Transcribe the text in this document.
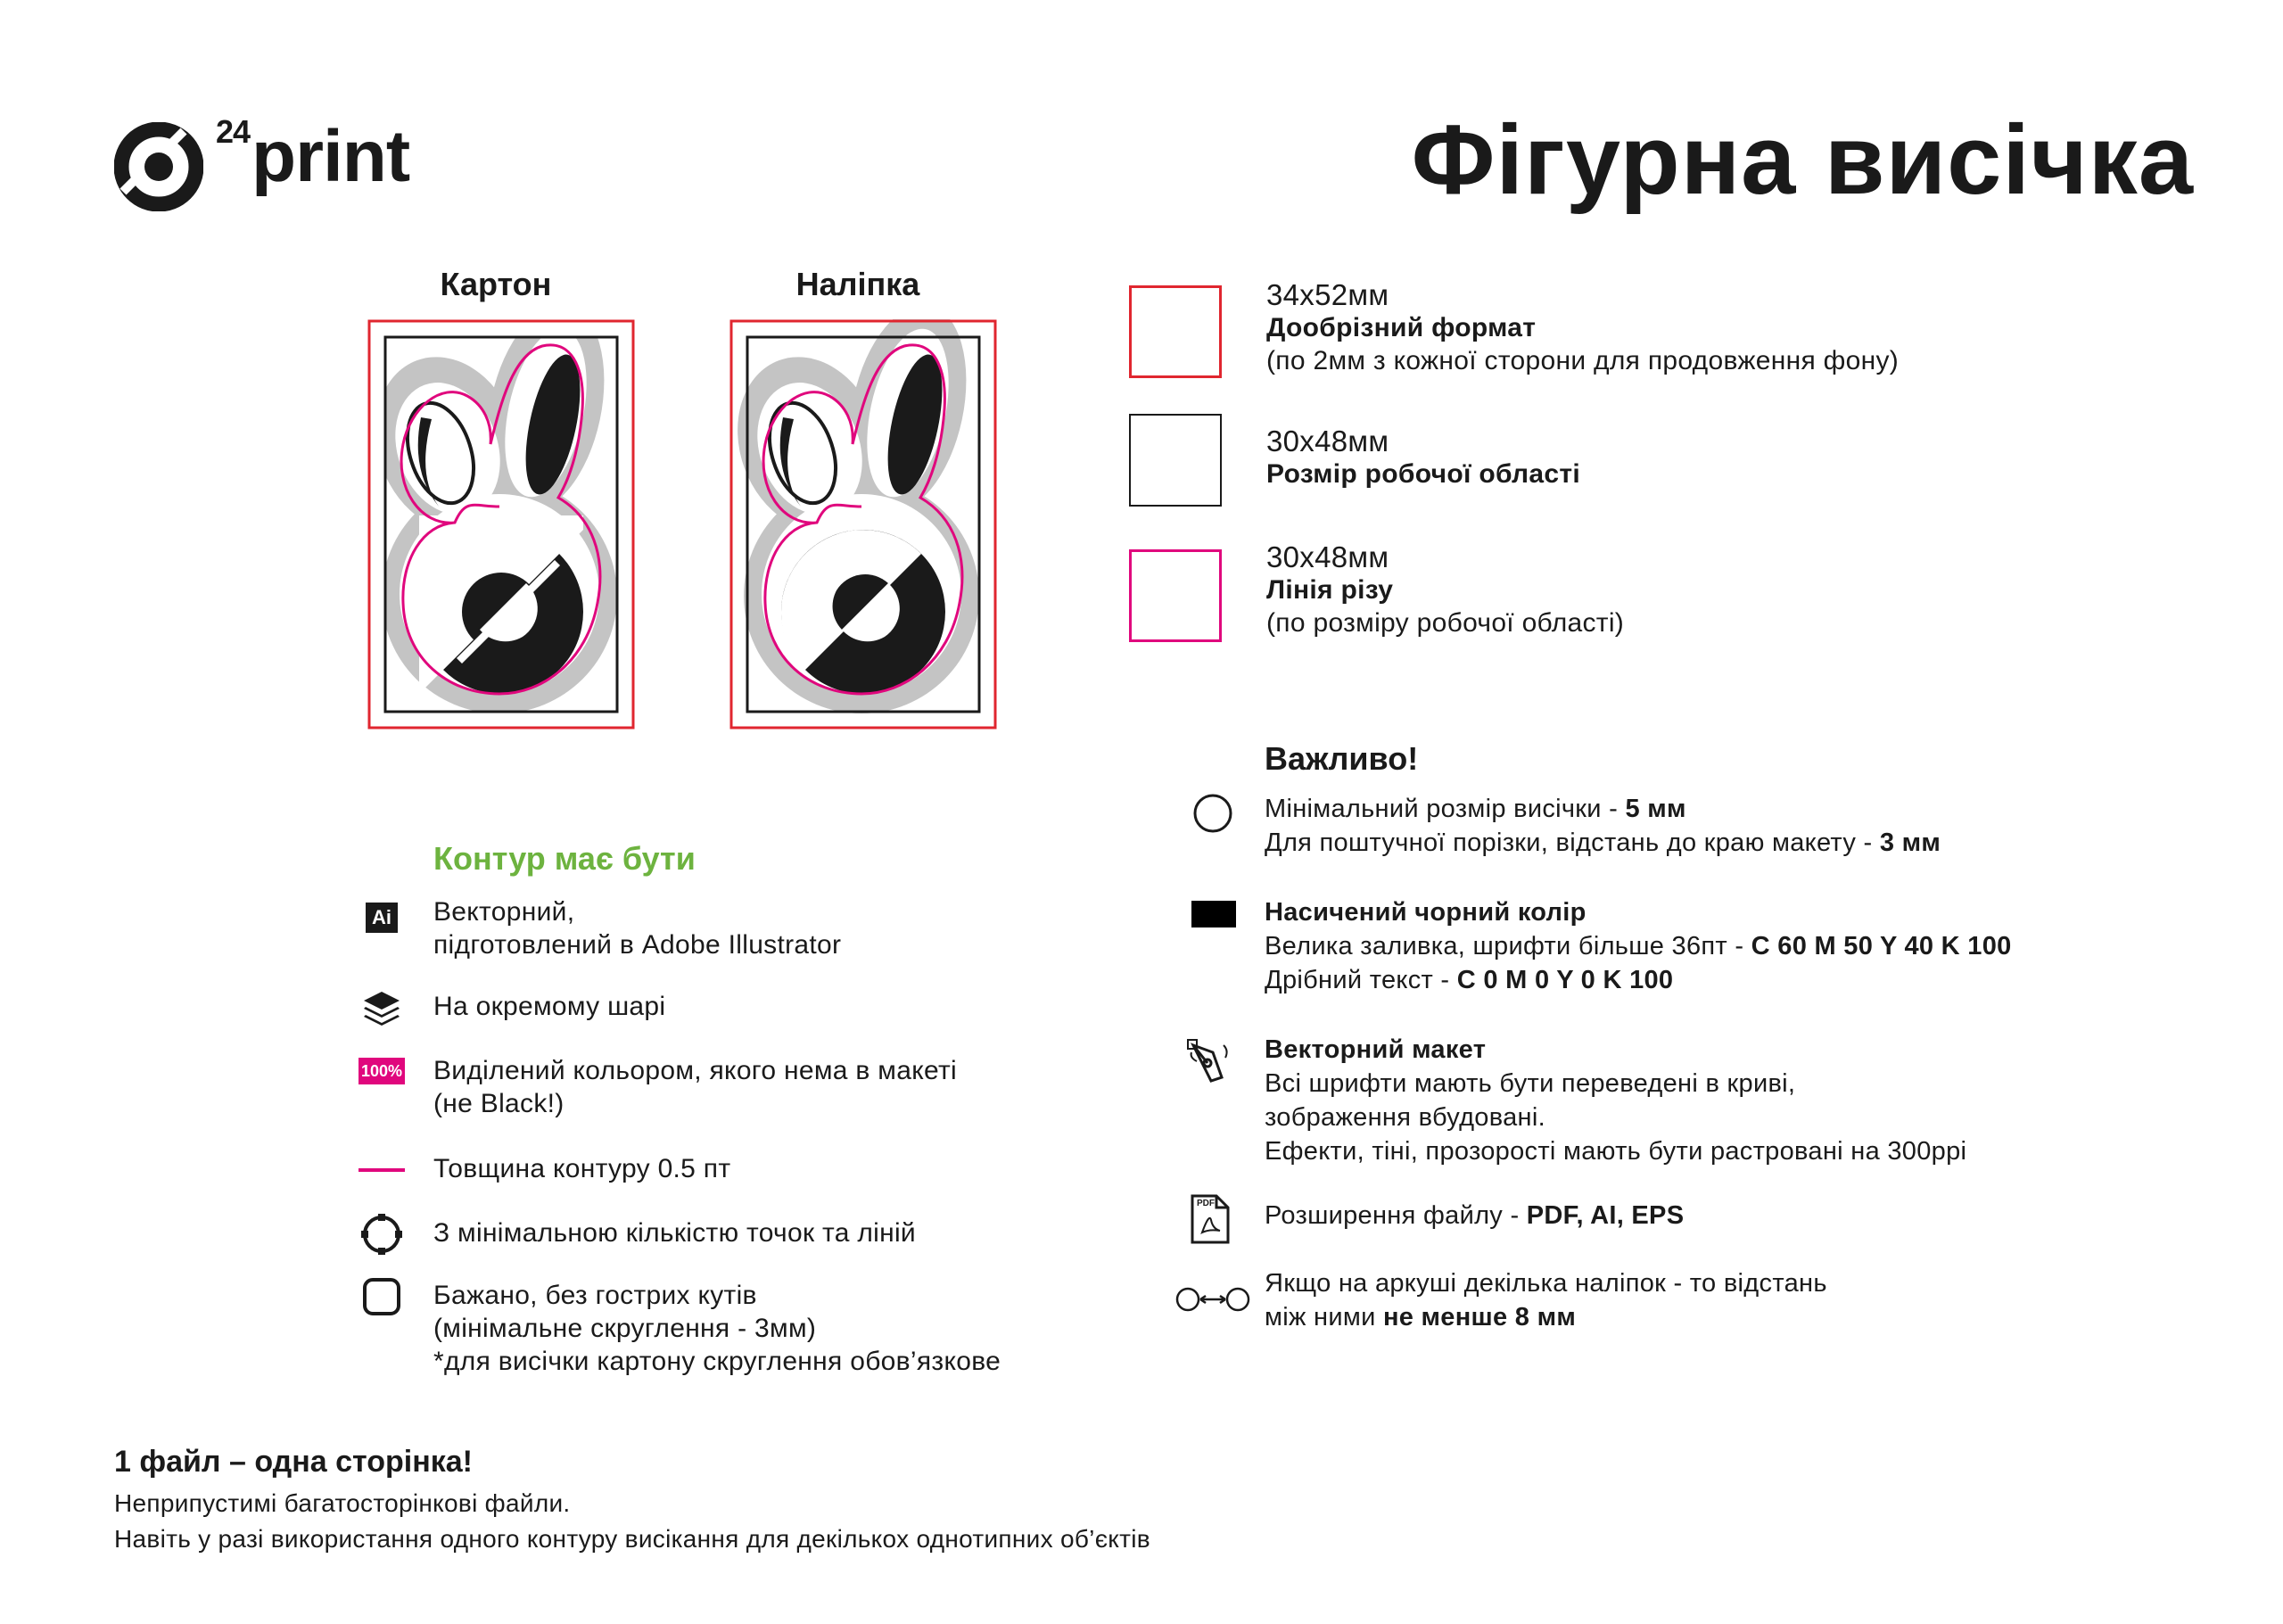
24 print	Фігурна висічка
Картон	Наліпка	34x52мм
Дообрізний формат
(по 2мм з кожної сторони для продовження фону)
30x48мм
Розмір робочої області
30x48мм
Лінія різу
(по розміру робочої області)
Контур має бути
Ai Векторний,
підготовлений в Adobe Illustrator
На окремому шарі
100% Виділений кольором, якого нема в макеті
(не Black!)
Товщина контуру 0.5 пт
З мінімальною кількістю точок та ліній
Бажано, без гострих кутів
(мінімальне скруглення - 3мм)
*для висічки картону скруглення обов’язкове
Важливо!
Мінімальний розмір висічки - 5 мм
Для поштучної порізки, відстань до краю макету - 3 мм
Насичений чорний колір
Велика заливка, шрифти більше 36пт - C 60 M 50 Y 40 K 100
Дрібний текст - C 0 M 0 Y 0 K 100
Векторний макет
Всі шрифти мають бути переведені в криві,
зображення вбудовані.
Ефекти, тіні, прозорості мають бути растровані на 300ppi
PDF Розширення файлу - PDF, AI, EPS
Якщо на аркуші декілька наліпок - то відстань
між ними не менше 8 мм
1 файл – одна сторінка!
Неприпустимі багатосторінкові файли.
Навіть у разі використання одного контуру висікання для декількох однотипних об’єктів
